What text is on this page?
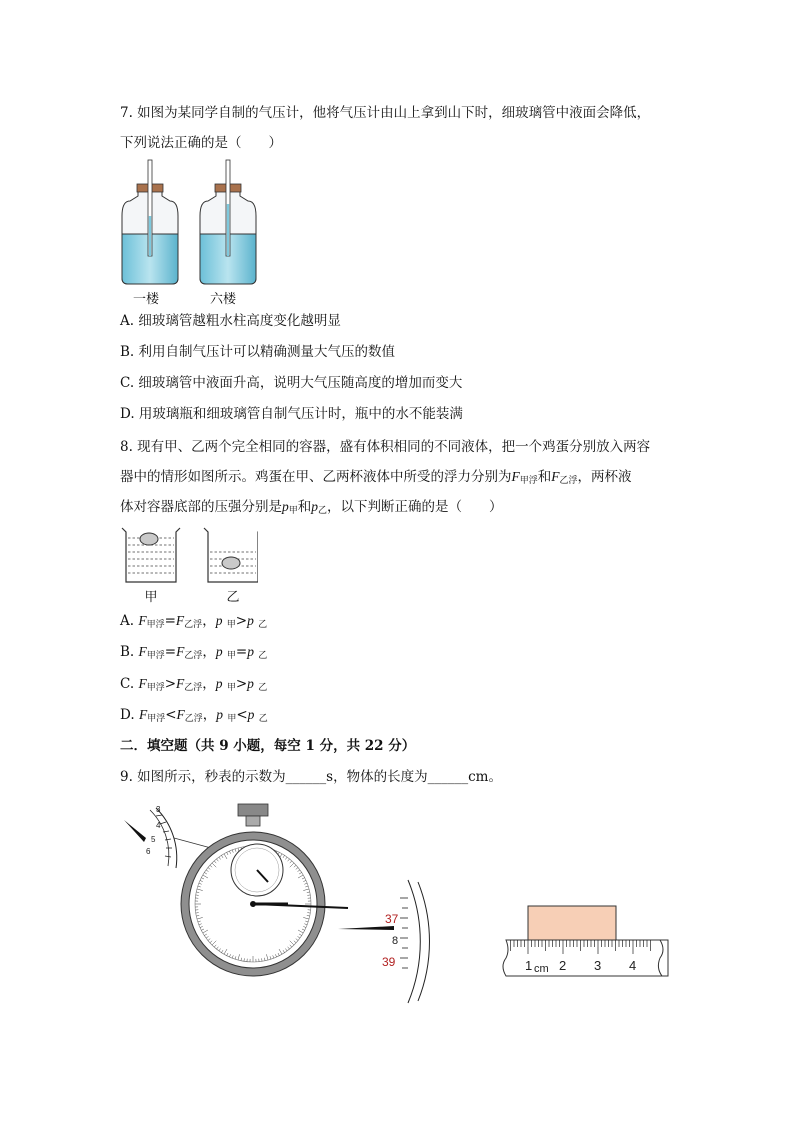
7. 如图为某同学自制的气压计，他将气压计由山上拿到山下时，细玻璃管中液面会降低，
下列说法正确的是（　　）
一楼	六楼
A. 细玻璃管越粗水柱高度变化越明显
B. 利用自制气压计可以精确测量大气压的数值
C. 细玻璃管中液面升高，说明大气压随高度的增加而变大
D. 用玻璃瓶和细玻璃管自制气压计时，瓶中的水不能装满
8. 现有甲、乙两个完全相同的容器，盛有体积相同的不同液体，把一个鸡蛋分别放入两容
器中的情形如图所示。鸡蛋在甲、乙两杯液体中所受的浮力分别为$F_{甲浮}$和$F_{乙浮}$，两杯液
体对容器底部的压强分别是$p_甲$和$p_乙$，以下判断正确的是（　　）
甲	乙
A. $F_{甲浮}=F_{乙浮}$，p $_甲$>p $_乙$
B. $F_{甲浮}=F_{乙浮}$，p $_甲$=p $_乙$
C. $F_{甲浮}>F_{乙浮}$，p $_甲$>p $_乙$
D. $F_{甲浮}<F_{乙浮}$，p $_甲$<p $_乙$
二．填空题（共 9 小题，每空 1 分，共 22 分）
9. 如图所示，秒表的示数为______s，物体的长度为______cm。
3
4
5
6
37
8
39	1 cm 2 3 4
